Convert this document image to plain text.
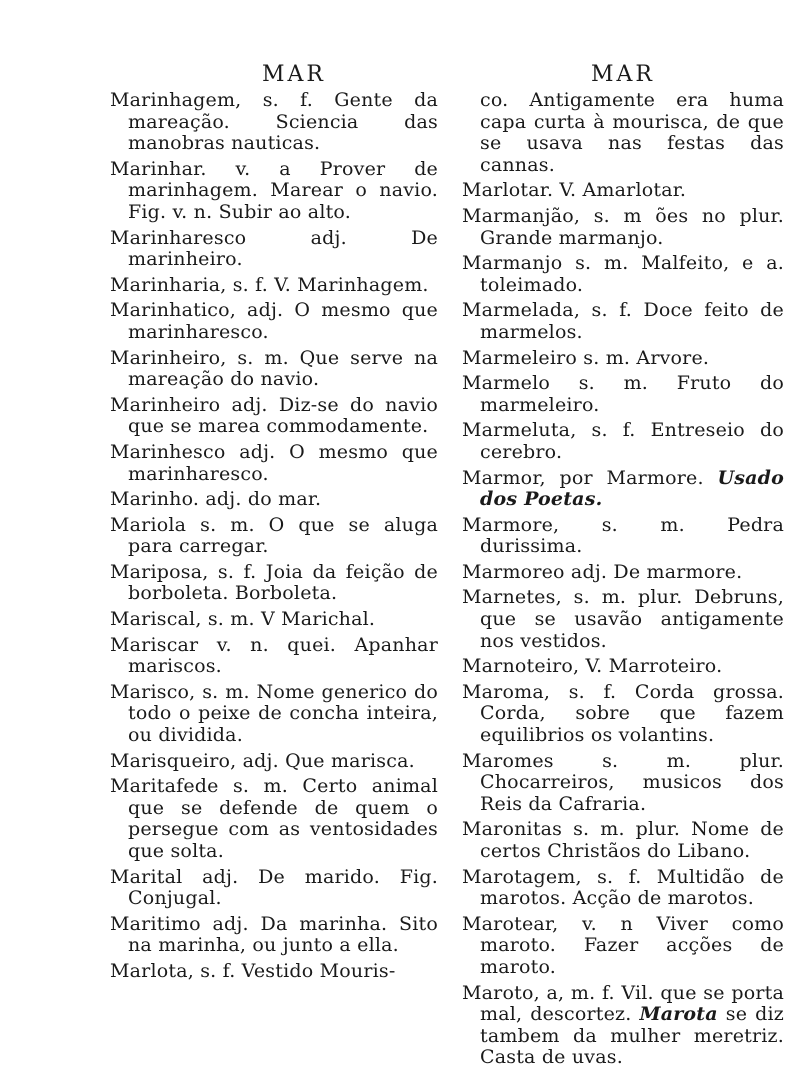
MAR
Marinhagem, s. f. Gente da mareação. Sciencia das manobras nauticas.
Marinhar. v. a Prover de marinhagem. Marear o navio. Fig. v. n. Subir ao alto.
Marinharesco adj. De marinheiro.
Marinharia, s. f. V. Marinhagem.
Marinhatico, adj. O mesmo que marinharesco.
Marinheiro, s. m. Que serve na mareação do navio.
Marinheiro adj. Diz-se do navio que se marea commodamente.
Marinhesco adj. O mesmo que marinharesco.
Marinho. adj. do mar.
Mariola s. m. O que se aluga para carregar.
Mariposa, s. f. Joia da feição de borboleta. Borboleta.
Mariscal, s. m. V Marichal.
Mariscar v. n. quei. Apanhar mariscos.
Marisco, s. m. Nome generico do todo o peixe de concha inteira, ou dividida.
Marisqueiro, adj. Que marisca.
Maritafede s. m. Certo animal que se defende de quem o persegue com as ventosidades que solta.
Marital adj. De marido. Fig. Conjugal.
Maritimo adj. Da marinha. Sito na marinha, ou junto a ella.
Marlota, s. f. Vestido Mouris-
MAR
co. Antigamente era huma capa curta à mourisca, de que se usava nas festas das cannas.
Marlotar. V. Amarlotar.
Marmanjão, s. m ões no plur. Grande marmanjo.
Marmanjo s. m. Malfeito, e a. toleimado.
Marmelada, s. f. Doce feito de marmelos.
Marmeleiro s. m. Arvore.
Marmelo s. m. Fruto do marmeleiro.
Marmeluta, s. f. Entreseio do cerebro.
Marmor, por Marmore. Usado dos Poetas.
Marmore, s. m. Pedra durissima.
Marmoreo adj. De marmore.
Marnetes, s. m. plur. Debruns, que se usavão antigamente nos vestidos.
Marnoteiro, V. Marroteiro.
Maroma, s. f. Corda grossa. Corda, sobre que fazem equilibrios os volantins.
Maromes s. m. plur. Chocarreiros, musicos dos Reis da Cafraria.
Maronitas s. m. plur. Nome de certos Christãos do Libano.
Marotagem, s. f. Multidão de marotos. Acção de marotos.
Marotear, v. n Viver como maroto. Fazer acções de maroto.
Maroto, a, m. f. Vil. que se porta mal, descortez. Marota se diz tambem da mulher meretriz. Casta de uvas.
